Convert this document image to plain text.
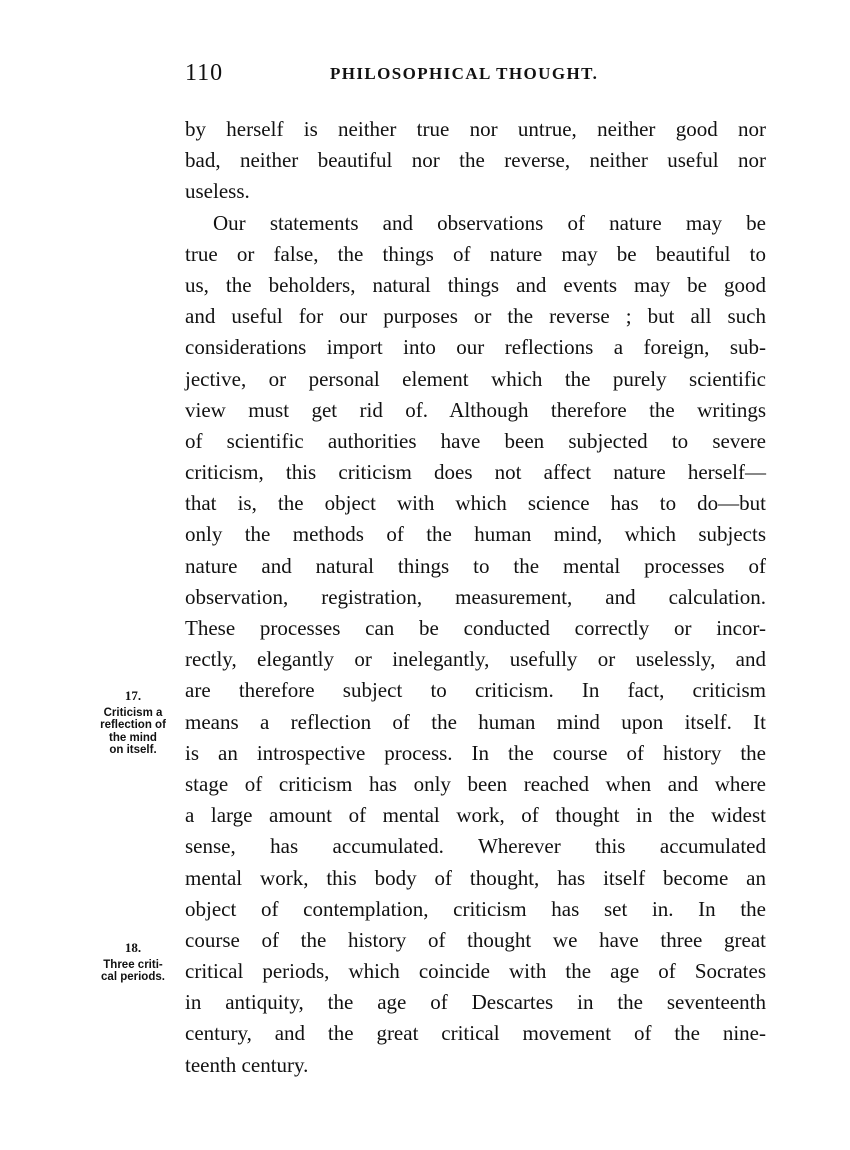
110	PHILOSOPHICAL THOUGHT.
by herself is neither true nor untrue, neither good nor
bad, neither beautiful nor the reverse, neither useful nor
useless.
Our statements and observations of nature may be
true or false, the things of nature may be beautiful to
us, the beholders, natural things and events may be good
and useful for our purposes or the reverse ; but all such
considerations import into our reflections a foreign, sub-
jective, or personal element which the purely scientific
view must get rid of. Although therefore the writings
of scientific authorities have been subjected to severe
criticism, this criticism does not affect nature herself—
that is, the object with which science has to do—but
only the methods of the human mind, which subjects
nature and natural things to the mental processes of
observation, registration, measurement, and calculation.
These processes can be conducted correctly or incor-
rectly, elegantly or inelegantly, usefully or uselessly, and
are therefore subject to criticism. In fact, criticism
means a reflection of the human mind upon itself. It
is an introspective process. In the course of history the
stage of criticism has only been reached when and where
a large amount of mental work, of thought in the widest
sense, has accumulated. Wherever this accumulated
mental work, this body of thought, has itself become an
object of contemplation, criticism has set in. In the
course of the history of thought we have three great
critical periods, which coincide with the age of Socrates
in antiquity, the age of Descartes in the seventeenth
century, and the great critical movement of the nine-
teenth century.
17.
Criticism a
reflection of
the mind
on itself.
18.
Three criti-
cal periods.
